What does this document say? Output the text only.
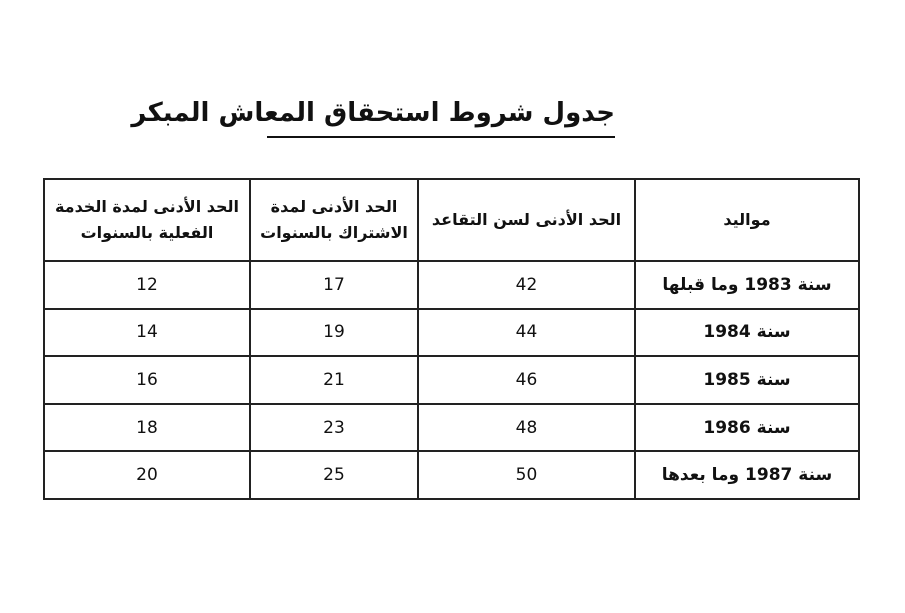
جدول شروط استحقاق المعاش المبكر
مواليد	الحد الأدنى لسن التقاعد	الحد الأدنى لمدة الاشتراك بالسنوات	الحد الأدنى لمدة الخدمة الفعلية بالسنوات
سنة 1983 وما قبلها	42	17	12
سنة 1984	44	19	14
سنة 1985	46	21	16
سنة 1986	48	23	18
سنة 1987 وما بعدها	50	25	20
